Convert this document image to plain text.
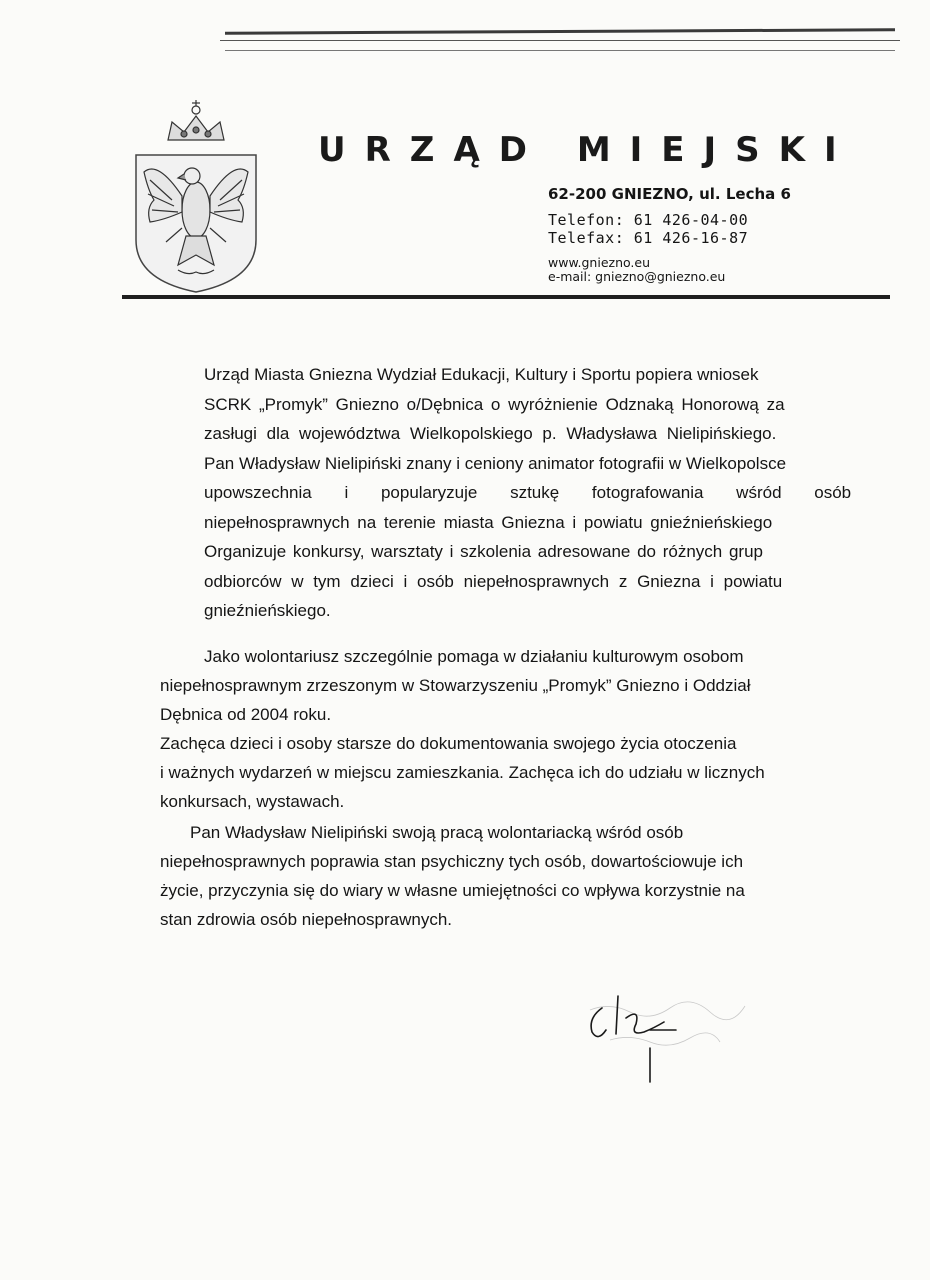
URZĄD MIEJSKI
62-200 GNIEZNO, ul. Lecha 6
Telefon: 61 426-04-00
Telefax: 61 426-16-87
www.gniezno.eu
e-mail: gniezno@gniezno.eu
Urząd Miasta Gniezna Wydział Edukacji, Kultury i Sportu popiera wniosek
SCRK „Promyk” Gniezno o/Dębnica o wyróżnienie Odznaką Honorową za
zasługi dla województwa Wielkopolskiego p. Władysława Nielipińskiego.
Pan Władysław Nielipiński znany i ceniony animator fotografii w Wielkopolsce
upowszechnia i popularyzuje sztukę fotografowania wśród osób
niepełnosprawnych na terenie miasta Gniezna i powiatu gnieźnieńskiego
Organizuje konkursy, warsztaty i szkolenia adresowane do różnych grup
odbiorców w tym dzieci i osób niepełnosprawnych z Gniezna i powiatu
gnieźnieńskiego.
Jako wolontariusz szczególnie pomaga w działaniu kulturowym osobom
niepełnosprawnym zrzeszonym w Stowarzyszeniu „Promyk” Gniezno i Oddział
Dębnica od 2004 roku.
Zachęca dzieci i osoby starsze do dokumentowania swojego życia otoczenia
i ważnych wydarzeń w miejscu zamieszkania. Zachęca ich do udziału w licznych
konkursach, wystawach.
Pan Władysław Nielipiński swoją pracą wolontariacką wśród osób
niepełnosprawnych poprawia stan psychiczny tych osób, dowartościowuje ich
życie, przyczynia się do wiary w własne umiejętności co wpływa korzystnie na
stan zdrowia osób niepełnosprawnych.
